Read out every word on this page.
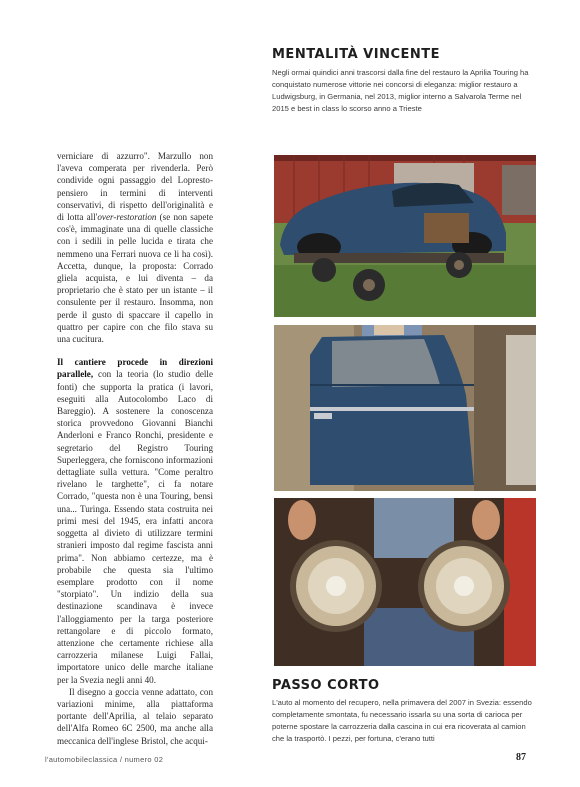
MENTALITÀ VINCENTE

Negli ormai quindici anni trascorsi dalla fine del restauro la Aprilia Touring ha conquistato numerose vittorie nei concorsi di eleganza: miglior restauro a Ludwigsburg, in Germania, nel 2013, miglior interno a Salvarola Terme nel 2015 e best in class lo scorso anno a Trieste

verniciare di azzurro". Marzullo non l'aveva comperata per rivenderla. Però condivide ogni passaggio del Lopresto-pensiero in termini di interventi conservativi, di rispetto dell'originalità e di lotta all'over-restoration (se non sapete cos'è, immaginate una di quelle classiche con i sedili in pelle lucida e tirata che nemmeno una Ferrari nuova ce li ha così). Accetta, dunque, la proposta: Corrado gliela acquista, e lui diventa – da proprietario che è stato per un istante – il consulente per il restauro. Insomma, non perde il gusto di spaccare il capello in quattro per capire con che filo stava su una cucitura.

Il cantiere procede in direzioni parallele, con la teoria (lo studio delle fonti) che supporta la pratica (i lavori, eseguiti alla Autocolombo Laco di Bareggio). A sostenere la conoscenza storica provvedono Giovanni Bianchi Anderloni e Franco Ronchi, presidente e segretario del Registro Touring Superleggera, che forniscono informazioni dettagliate sulla vettura. "Come peraltro rivelano le targhette", ci fa notare Corrado, "questa non è una Touring, bensì una... Turinga. Essendo stata costruita nei primi mesi del 1945, era infatti ancora soggetta al divieto di utilizzare termini stranieri imposto dal regime fascista anni prima". Non abbiamo certezze, ma è probabile che questa sia l'ultimo esemplare prodotto con il nome "storpiato". Un indizio della sua destinazione scandinava è invece l'alloggiamento per la targa posteriore rettangolare e di piccolo formato, attenzione che certamente richiese alla carrozzeria milanese Luigi Fallai, importatore unico delle marche italiane per la Svezia negli anni 40.

Il disegno a goccia venne adattato, con variazioni minime, alla piattaforma portante dell'Aprilia, al telaio separato dell'Alfa Romeo 6C 2500, ma anche alla meccanica dell'inglese Bristol, che acqui-

PASSO CORTO

L'auto al momento del recupero, nella primavera del 2007 in Svezia: essendo completamente smontata, fu necessario issarla su una sorta di carioca per poterne spostare la carrozzeria dalla cascina in cui era ricoverata al camion che la trasportò. I pezzi, per fortuna, c'erano tutti

l'automobileclassica / numero 02	87
